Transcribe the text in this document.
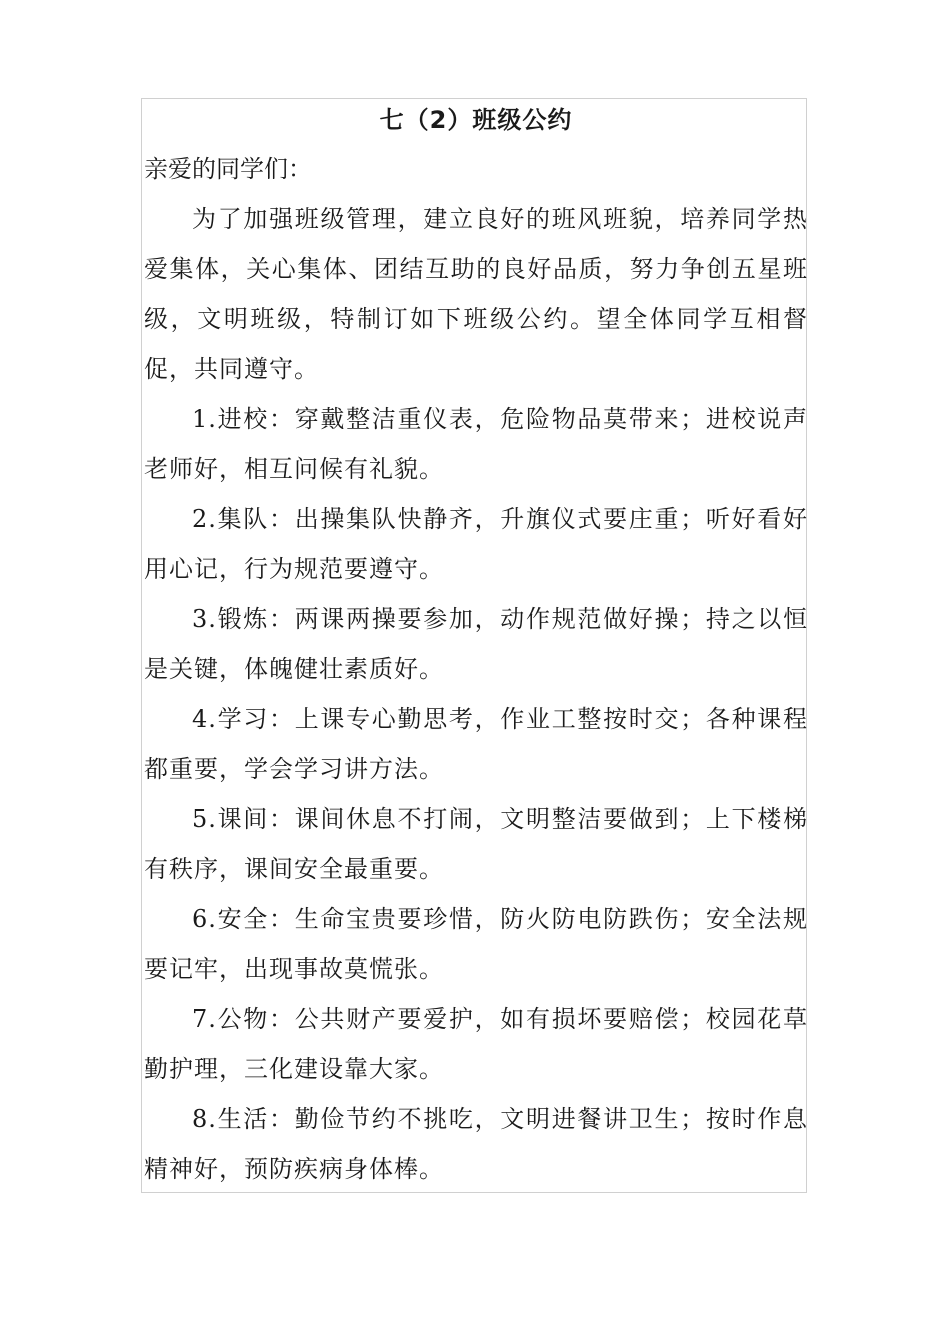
七（2）班级公约

亲爱的同学们：

为了加强班级管理，建立良好的班风班貌，培养同学热爱集体，关心集体、团结互助的良好品质，努力争创五星班级，文明班级，特制订如下班级公约。望全体同学互相督促，共同遵守。

1.进校：穿戴整洁重仪表，危险物品莫带来；进校说声老师好，相互问候有礼貌。

2.集队：出操集队快静齐，升旗仪式要庄重；听好看好用心记，行为规范要遵守。

3.锻炼：两课两操要参加，动作规范做好操；持之以恒是关键，体魄健壮素质好。

4.学习：上课专心勤思考，作业工整按时交；各种课程都重要，学会学习讲方法。

5.课间：课间休息不打闹，文明整洁要做到；上下楼梯有秩序，课间安全最重要。

6.安全：生命宝贵要珍惜，防火防电防跌伤；安全法规要记牢，出现事故莫慌张。

7.公物：公共财产要爱护，如有损坏要赔偿；校园花草勤护理，三化建设靠大家。

8.生活：勤俭节约不挑吃，文明进餐讲卫生；按时作息精神好，预防疾病身体棒。
